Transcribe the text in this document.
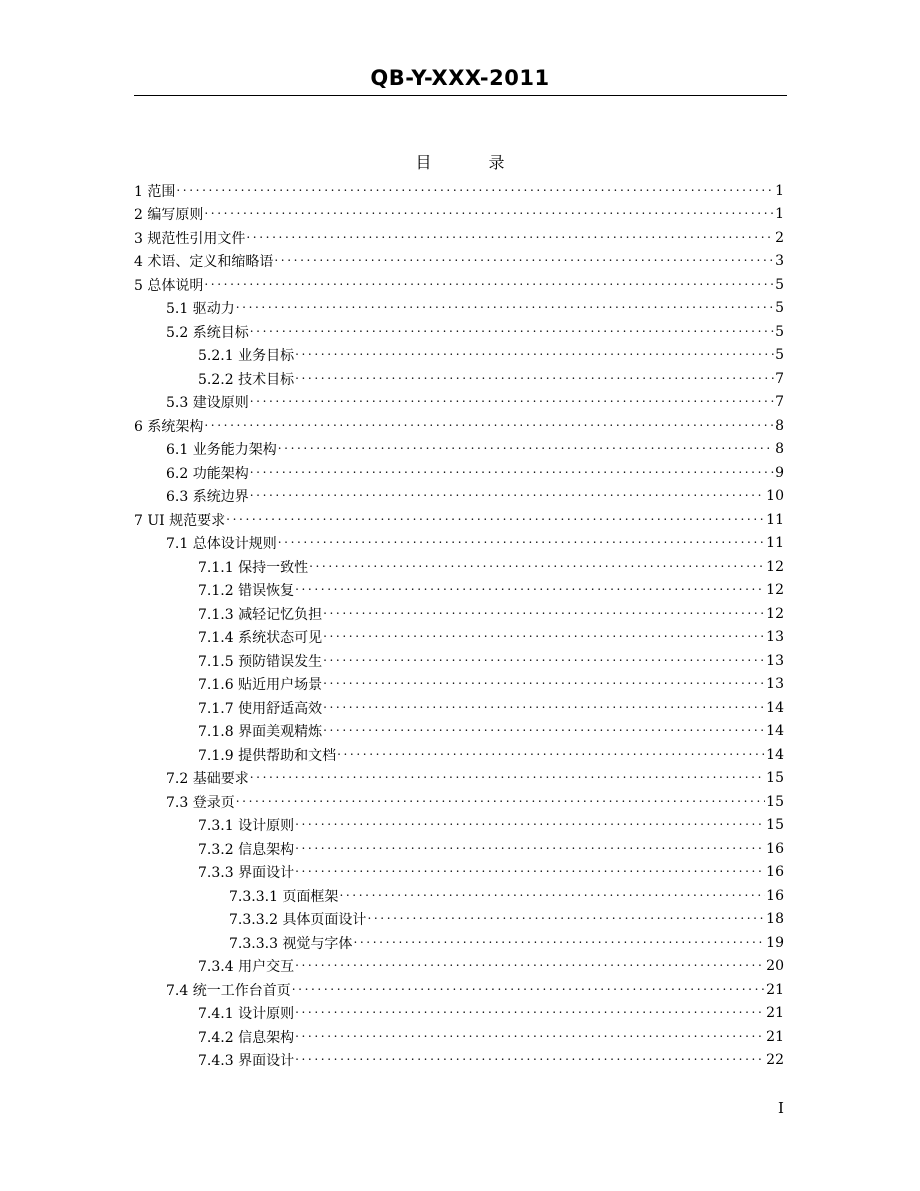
QB-Y-XXX-2011
目 录
1 范围 . . .	1
2 编写原则 . . .	1
3 规范性引用文件 . . .	2
4 术语、定义和缩略语 . . .	3
5 总体说明 . . .	5
5.1 驱动力 . . .	5
5.2 系统目标 . . .	5
5.2.1 业务目标 . . .	5
5.2.2 技术目标 . . .	7
5.3 建设原则 . . .	7
6 系统架构 . . .	8
6.1 业务能力架构 . . .	8
6.2 功能架构 . . .	9
6.3 系统边界 . . .	10
7 UI 规范要求 . . .	11
7.1 总体设计规则 . . .	11
7.1.1 保持一致性 . . .	12
7.1.2 错误恢复 . . .	12
7.1.3 减轻记忆负担 . . .	12
7.1.4 系统状态可见 . . .	13
7.1.5 预防错误发生 . . .	13
7.1.6 贴近用户场景 . . .	13
7.1.7 使用舒适高效 . . .	14
7.1.8 界面美观精炼 . . .	14
7.1.9 提供帮助和文档 . . .	14
7.2 基础要求 . . .	15
7.3 登录页 . . .	15
7.3.1 设计原则 . . .	15
7.3.2 信息架构 . . .	16
7.3.3 界面设计 . . .	16
7.3.3.1 页面框架 . . .	16
7.3.3.2 具体页面设计 . . .	18
7.3.3.3 视觉与字体 . . .	19
7.3.4 用户交互 . . .	20
7.4 统一工作台首页 . . .	21
7.4.1 设计原则 . . .	21
7.4.2 信息架构 . . .	21
7.4.3 界面设计 . . .	22
I
